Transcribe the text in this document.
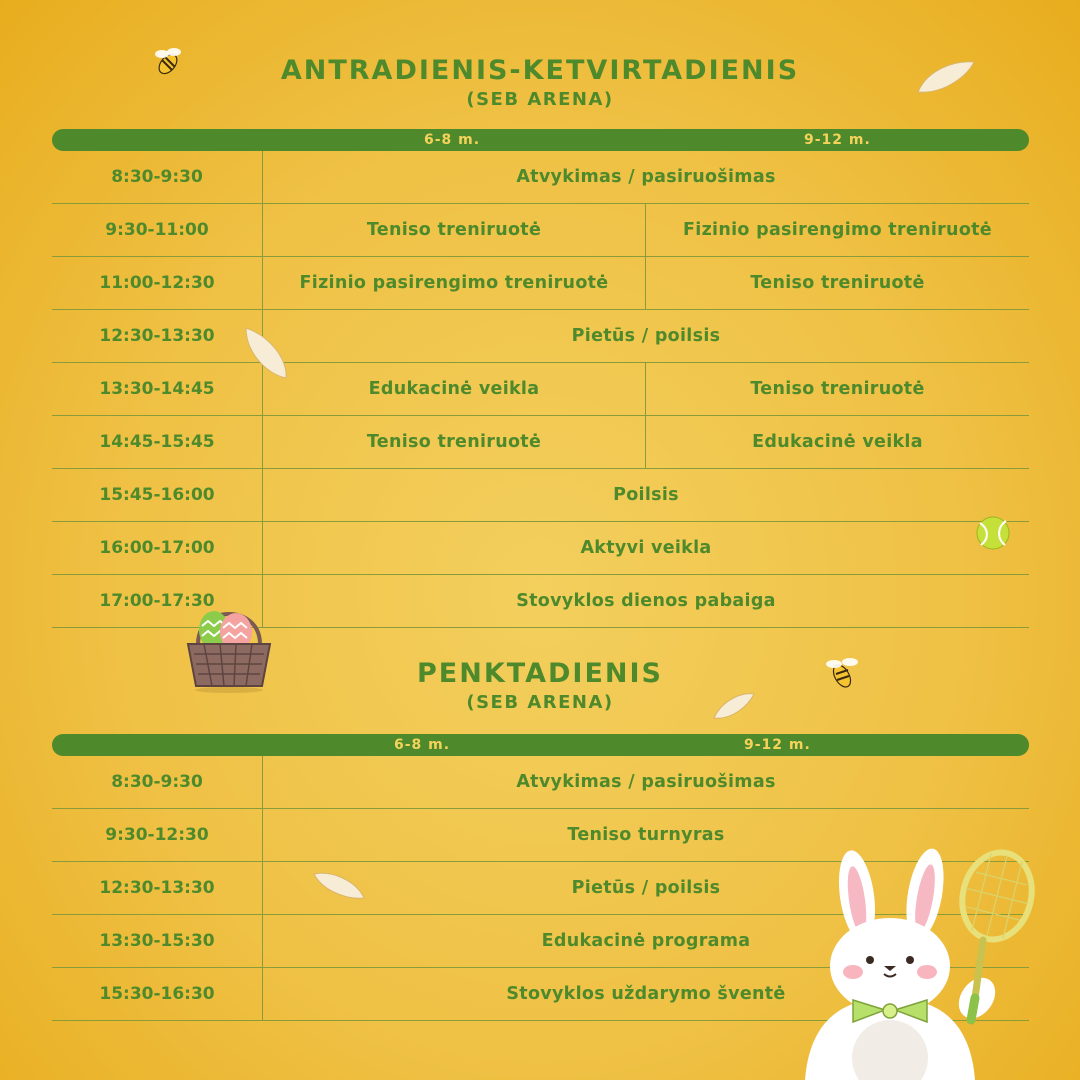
ANTRADIENIS-KETVIRTADIENIS
(SEB ARENA)
6-8 m.	9-12 m.
8:30-9:30	Atvykimas / pasiruošimas
9:30-11:00	Teniso treniruotė	Fizinio pasirengimo treniruotė
11:00-12:30	Fizinio pasirengimo treniruotė	Teniso treniruotė
12:30-13:30	Pietūs / poilsis
13:30-14:45	Edukacinė veikla	Teniso treniruotė
14:45-15:45	Teniso treniruotė	Edukacinė veikla
15:45-16:00	Poilsis
16:00-17:00	Aktyvi veikla
17:00-17:30	Stovyklos dienos pabaiga
PENKTADIENIS
(SEB ARENA)
6-8 m.	9-12 m.
8:30-9:30	Atvykimas / pasiruošimas
9:30-12:30	Teniso turnyras
12:30-13:30	Pietūs / poilsis
13:30-15:30	Edukacinė programa
15:30-16:30	Stovyklos uždarymo šventė
